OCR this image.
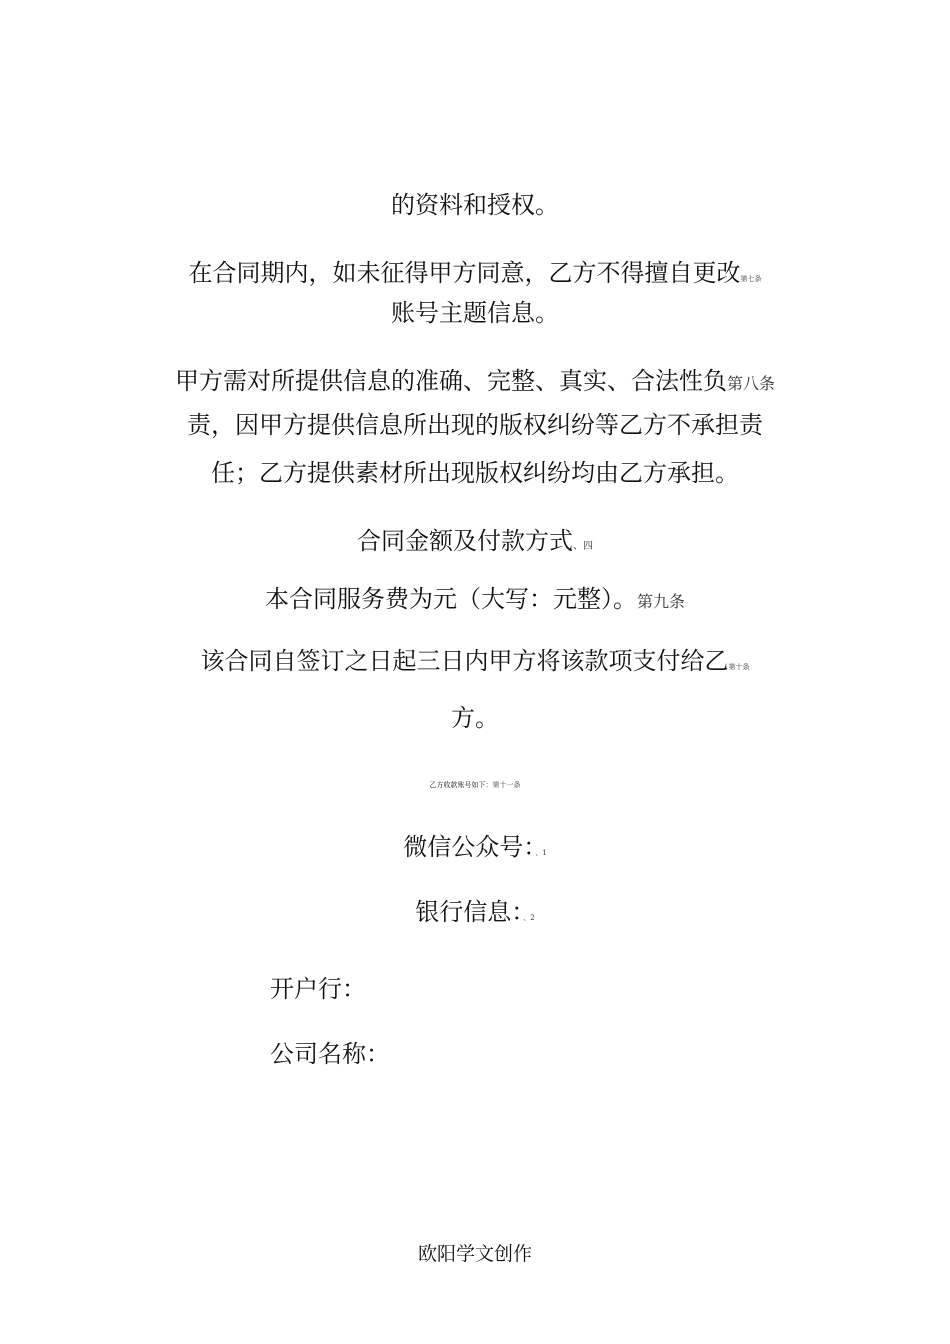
的资料和授权。
在合同期内，如未征得甲方同意，乙方不得擅自更改第七条
账号主题信息。
甲方需对所提供信息的准确、完整、真实、合法性负第八条
责，因甲方提供信息所出现的版权纠纷等乙方不承担责
任；乙方提供素材所出现版权纠纷均由乙方承担。
合同金额及付款方式、四
本合同服务费为元（大写：元整）。第九条
该合同自签订之日起三日内甲方将该款项支付给乙第十条
方。
乙方收款账号如下：第十一条
微信公众号：、1
银行信息：、2
开户行：
公司名称：
欧阳学文创作
